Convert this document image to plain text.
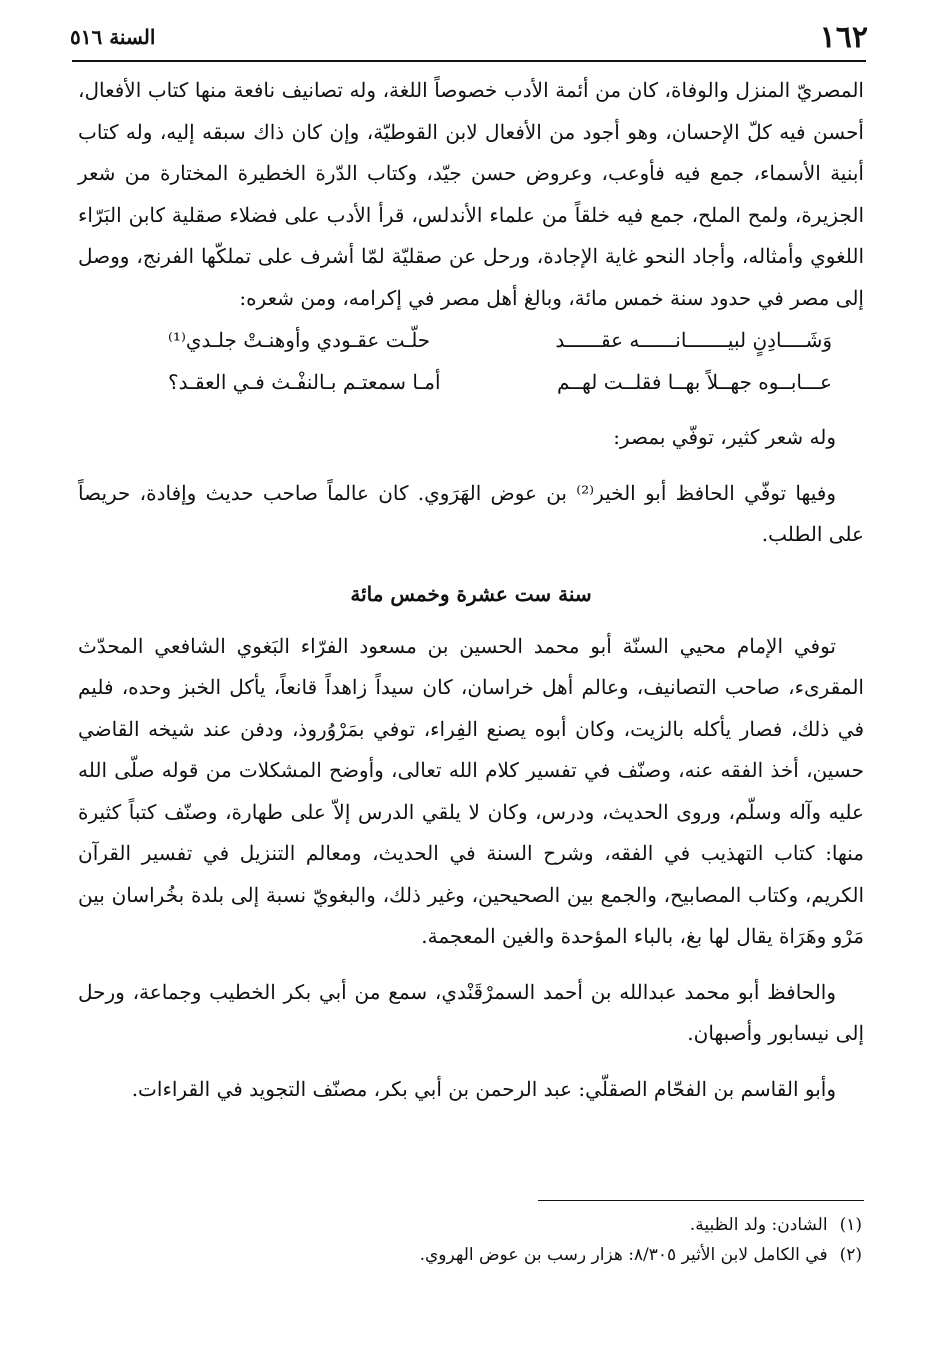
١٦٢
السنة ٥١٦

المصريّ المنزل والوفاة، كان من أئمة الأدب خصوصاً اللغة، وله تصانيف نافعة منها كتاب الأفعال، أحسن فيه كلّ الإحسان، وهو أجود من الأفعال لابن القوطيّة، وإن كان ذاك سبقه إليه، وله كتاب أبنية الأسماء، جمع فيه فأوعب، وعروض حسن جيّد، وكتاب الدّرة الخطيرة المختارة من شعر الجزيرة، ولمح الملح، جمع فيه خلقاً من علماء الأندلس، قرأ الأدب على فضلاء صقلية كابن البَرّاء اللغوي وأمثاله، وأجاد النحو غاية الإجادة، ورحل عن صقليّة لمّا أشرف على تملكّها الفرنج، ووصل إلى مصر في حدود سنة خمس مائة، وبالغ أهل مصر في إكرامه، ومن شعره:

وَشَــــادِنٍ لبيـــــــانــــــه عقــــــد
حلّـت عقـودي وأوهنـتْ جلـدي⁽¹⁾
عـــابــوه جهــلاً بهــا فقلــت لهــم
أمـا سمعتـم بـالنفْـث فـي العقـد؟

وله شعر كثير، توفّي بمصر:

وفيها توفّي الحافظ أبو الخير⁽²⁾ بن عوض الهَرَوي. كان عالماً صاحب حديث وإفادة، حريصاً على الطلب.

سنة ست عشرة وخمس مائة

توفي الإمام محيي السنّة أبو محمد الحسين بن مسعود الفرّاء البَغوي الشافعي المحدّث المقرىء، صاحب التصانيف، وعالم أهل خراسان، كان سيداً زاهداً قانعاً، يأكل الخبز وحده، فليم في ذلك، فصار يأكله بالزيت، وكان أبوه يصنع الفِراء، توفي بمَرْوُروذ، ودفن عند شيخه القاضي حسين، أخذ الفقه عنه، وصنّف في تفسير كلام الله تعالى، وأوضح المشكلات من قوله صلّى الله عليه وآله وسلّم، وروى الحديث، ودرس، وكان لا يلقي الدرس إلاّ على طهارة، وصنّف كتباً كثيرة منها: كتاب التهذيب في الفقه، وشرح السنة في الحديث، ومعالم التنزيل في تفسير القرآن الكريم، وكتاب المصابيح، والجمع بين الصحيحين، وغير ذلك، والبغويّ نسبة إلى بلدة بخُراسان بين مَرْو وهَرَاة يقال لها بغ، بالباء المؤحدة والغين المعجمة.

والحافظ أبو محمد عبدالله بن أحمد السمرْقَنْدي، سمع من أبي بكر الخطيب وجماعة، ورحل إلى نيسابور وأصبهان.

وأبو القاسم بن الفحّام الصقلّي: عبد الرحمن بن أبي بكر، مصنّف التجويد في القراءات.

(١)
الشادن: ولد الظبية.
(٢)
في الكامل لابن الأثير ٨/٣٠٥: هزار رسب بن عوض الهروي.
